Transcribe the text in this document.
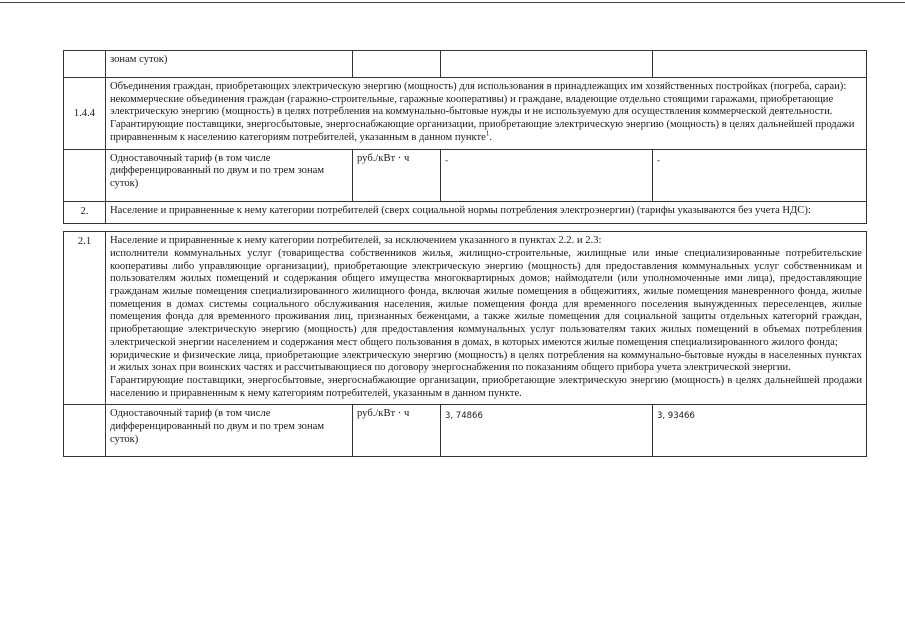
	зонам суток)			
1.4.4	Объединения граждан, приобретающих электрическую энергию (мощность) для использования в принадлежащих им хозяйственных постройках (погреба, сараи): некоммерческие объединения граждан (гаражно-строительные, гаражные кооперативы) и граждане, владеющие отдельно стоящими гаражами, приобретающие электрическую энергию (мощность) в целях потребления на коммунально-бытовые нужды и не используемую для осуществления коммерческой деятельности.

Гарантирующие поставщики, энергосбытовые, энергоснабжающие организации, приобретающие электрическую энергию (мощность) в целях дальнейшей продажи приравненным к населению категориям потребителей, указанным в данном пункте$^1$.			

	Одноставочный тариф (в том числе дифференцированный по двум и по трем зонам суток)	руб./кВт · ч	-	-
2.	Население и приравненные к нему категории потребителей (сверх социальной нормы потребления электроэнергии) (тарифы указываются без учета НДС):			

2.1	Население и приравненные к нему категории потребителей, за исключением указанного в пунктах 2.2. и 2.3:

исполнители коммунальных услуг (товарищества собственников жилья, жилищно-строительные, жилищные или иные специализированные потребительские кооперативы либо управляющие организации), приобретающие электрическую энергию (мощность) для предоставления коммунальных услуг собственникам и пользователям жилых помещений и содержания общего имущества многоквартирных домов; наймодатели (или уполномоченные ими лица), предоставляющие гражданам жилые помещения специализированного жилищного фонда, включая жилые помещения в общежитиях, жилые помещения маневренного фонда, жилые помещения в домах системы социального обслуживания населения, жилые помещения фонда для временного поселения вынужденных переселенцев, жилые помещения фонда для временного проживания лиц, признанных беженцами, а также жилые помещения для социальной защиты отдельных категорий граждан, приобретающие электрическую энергию (мощность) для предоставления коммунальных услуг пользователям таких жилых помещений в объемах потребления электрической энергии населением и содержания мест общего пользования в домах, в которых имеются жилые помещения специализированного жилого фонда;

юридические и физические лица, приобретающие электрическую энергию (мощность) в целях потребления на коммунально-бытовые нужды в населенных пунктах и жилых зонах при воинских частях и рассчитывающиеся по договору энергоснабжения по показаниям общего прибора учета электрической энергии.

Гарантирующие поставщики, энергосбытовые, энергоснабжающие организации, приобретающие электрическую энергию (мощность) в целях дальнейшей продажи населению и приравненным к нему категориям потребителей, указанным в данном пункте.			

	Одноставочный тариф (в том числе дифференцированный по двум и по трем зонам суток)	руб./кВт · ч	3, 74866	3, 93466
